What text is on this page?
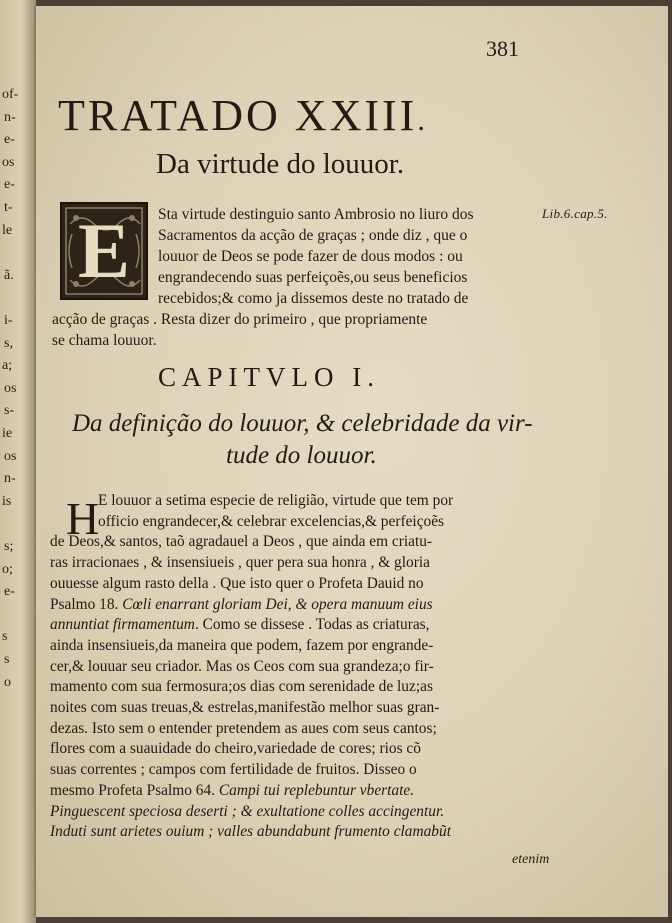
of-
n-
e-
os
e-
t-
le
ã.
i-
s,
a;
os
s-
ie
os
n-
is
s;
o;
e-
s
s
o
381
TRATADO XXIII.
Da virtude do louuor.
Lib.6.cap.5.
E	Sta virtude destinguio santo Ambrosio no liuro dos
Sacramentos da acção de graças ; onde diz , que o
louuor de Deos se pode fazer de dous modos : ou
engrandecendo suas perfeiçoẽs,ou seus beneficios
recebidos;& como ja dissemos deste no tratado de
acção de graças . Resta dizer do primeiro , que propriamente
se chama louuor.
CAPITVLO I.
Da definição do louuor, & celebridade da vir-
tude do louuor.
H
E louuor a setima especie de religião, virtude que tem por
officio engrandecer,& celebrar excelencias,& perfeiçoẽs
de Deos,& santos, taõ agradauel a Deos , que ainda em criatu-
ras irracionaes , & insensiueis , quer pera sua honra , & gloria
ouuesse algum rasto della . Que isto quer o Profeta Dauid no
Psalmo 18. Cœli enarrant gloriam Dei, & opera manuum eius
annuntiat firmamentum. Como se dissese . Todas as criaturas,
ainda insensiueis,da maneira que podem, fazem por engrande-
cer,& louuar seu criador. Mas os Ceos com sua grandeza;o fir-
mamento com sua fermosura;os dias com serenidade de luz;as
noites com suas treuas,& estrelas,manifestão melhor suas gran-
dezas. Isto sem o entender pretendem as aues com seus cantos;
flores com a suauidade do cheiro,variedade de cores; rios cõ
suas correntes ; campos com fertilidade de fruitos. Disseo o
mesmo Profeta Psalmo 64. Campi tui replebuntur vbertate.
Pinguescent speciosa deserti ; & exultatione colles accingentur.
Induti sunt arietes ouium ; valles abundabunt frumento clamabũt
etenim
